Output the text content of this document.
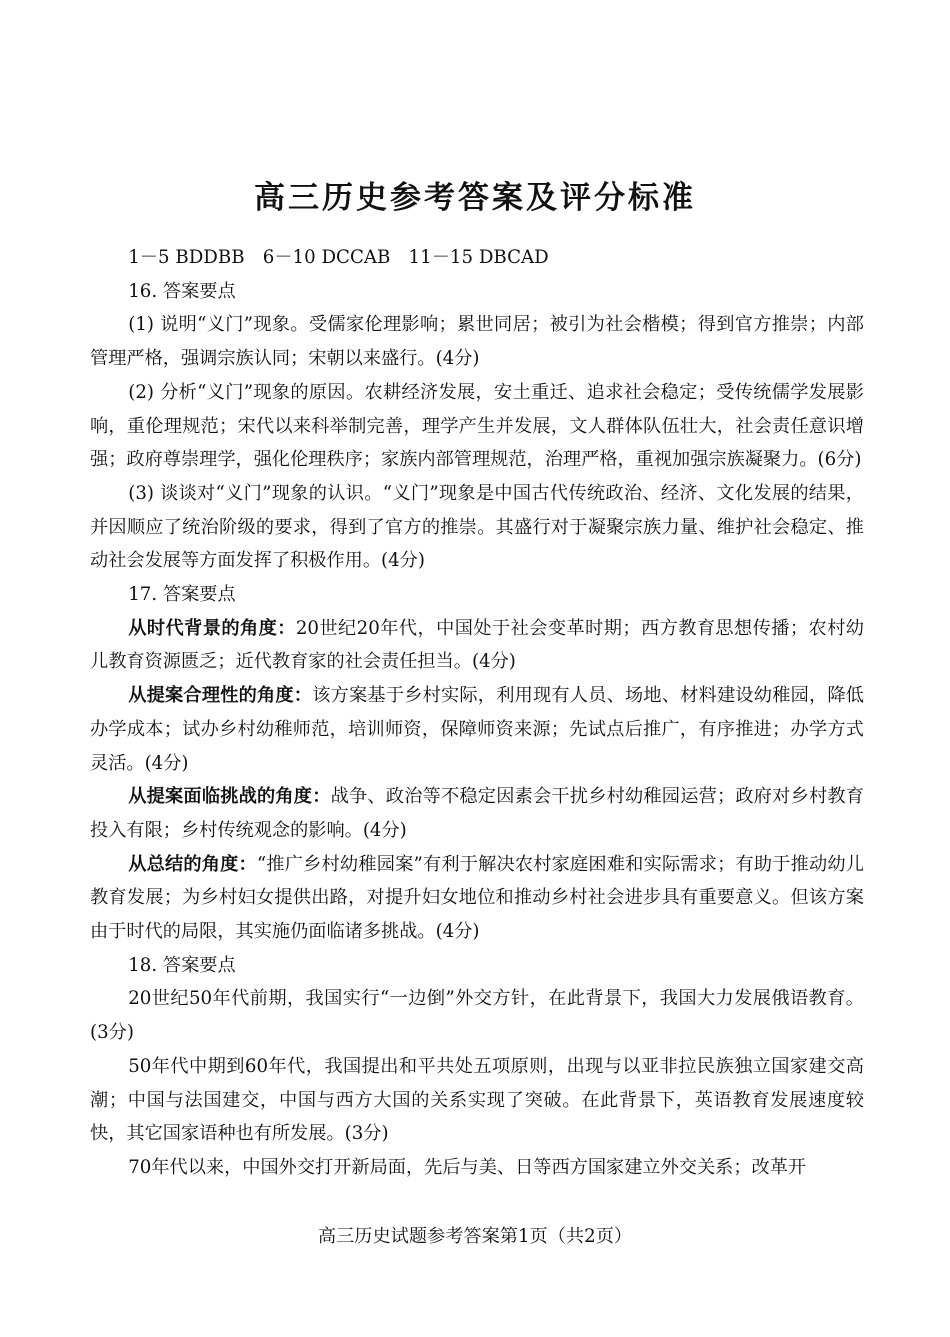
高三历史参考答案及评分标准

1－5 BDDBB　6－10 DCCAB　11－15 DBCAD

16. 答案要点

(1) 说明“义门”现象。受儒家伦理影响；累世同居；被引为社会楷模；得到官方推崇；内部管理严格，强调宗族认同；宋朝以来盛行。(4分)

(2) 分析“义门”现象的原因。农耕经济发展，安土重迁、追求社会稳定；受传统儒学发展影响，重伦理规范；宋代以来科举制完善，理学产生并发展，文人群体队伍壮大，社会责任意识增强；政府尊崇理学，强化伦理秩序；家族内部管理规范，治理严格，重视加强宗族凝聚力。(6分)

(3) 谈谈对“义门”现象的认识。“义门”现象是中国古代传统政治、经济、文化发展的结果，并因顺应了统治阶级的要求，得到了官方的推崇。其盛行对于凝聚宗族力量、维护社会稳定、推动社会发展等方面发挥了积极作用。(4分)

17. 答案要点

从时代背景的角度：20世纪20年代，中国处于社会变革时期；西方教育思想传播；农村幼儿教育资源匮乏；近代教育家的社会责任担当。(4分)

从提案合理性的角度：该方案基于乡村实际，利用现有人员、场地、材料建设幼稚园，降低办学成本；试办乡村幼稚师范，培训师资，保障师资来源；先试点后推广，有序推进；办学方式灵活。(4分)

从提案面临挑战的角度：战争、政治等不稳定因素会干扰乡村幼稚园运营；政府对乡村教育投入有限；乡村传统观念的影响。(4分)

从总结的角度：“推广乡村幼稚园案”有利于解决农村家庭困难和实际需求；有助于推动幼儿教育发展；为乡村妇女提供出路，对提升妇女地位和推动乡村社会进步具有重要意义。但该方案由于时代的局限，其实施仍面临诸多挑战。(4分)

18. 答案要点

20世纪50年代前期，我国实行“一边倒”外交方针，在此背景下，我国大力发展俄语教育。(3分)

50年代中期到60年代，我国提出和平共处五项原则，出现与以亚非拉民族独立国家建交高潮；中国与法国建交，中国与西方大国的关系实现了突破。在此背景下，英语教育发展速度较快，其它国家语种也有所发展。(3分)

70年代以来，中国外交打开新局面，先后与美、日等西方国家建立外交关系；改革开

高三历史试题参考答案第1页（共2页）
